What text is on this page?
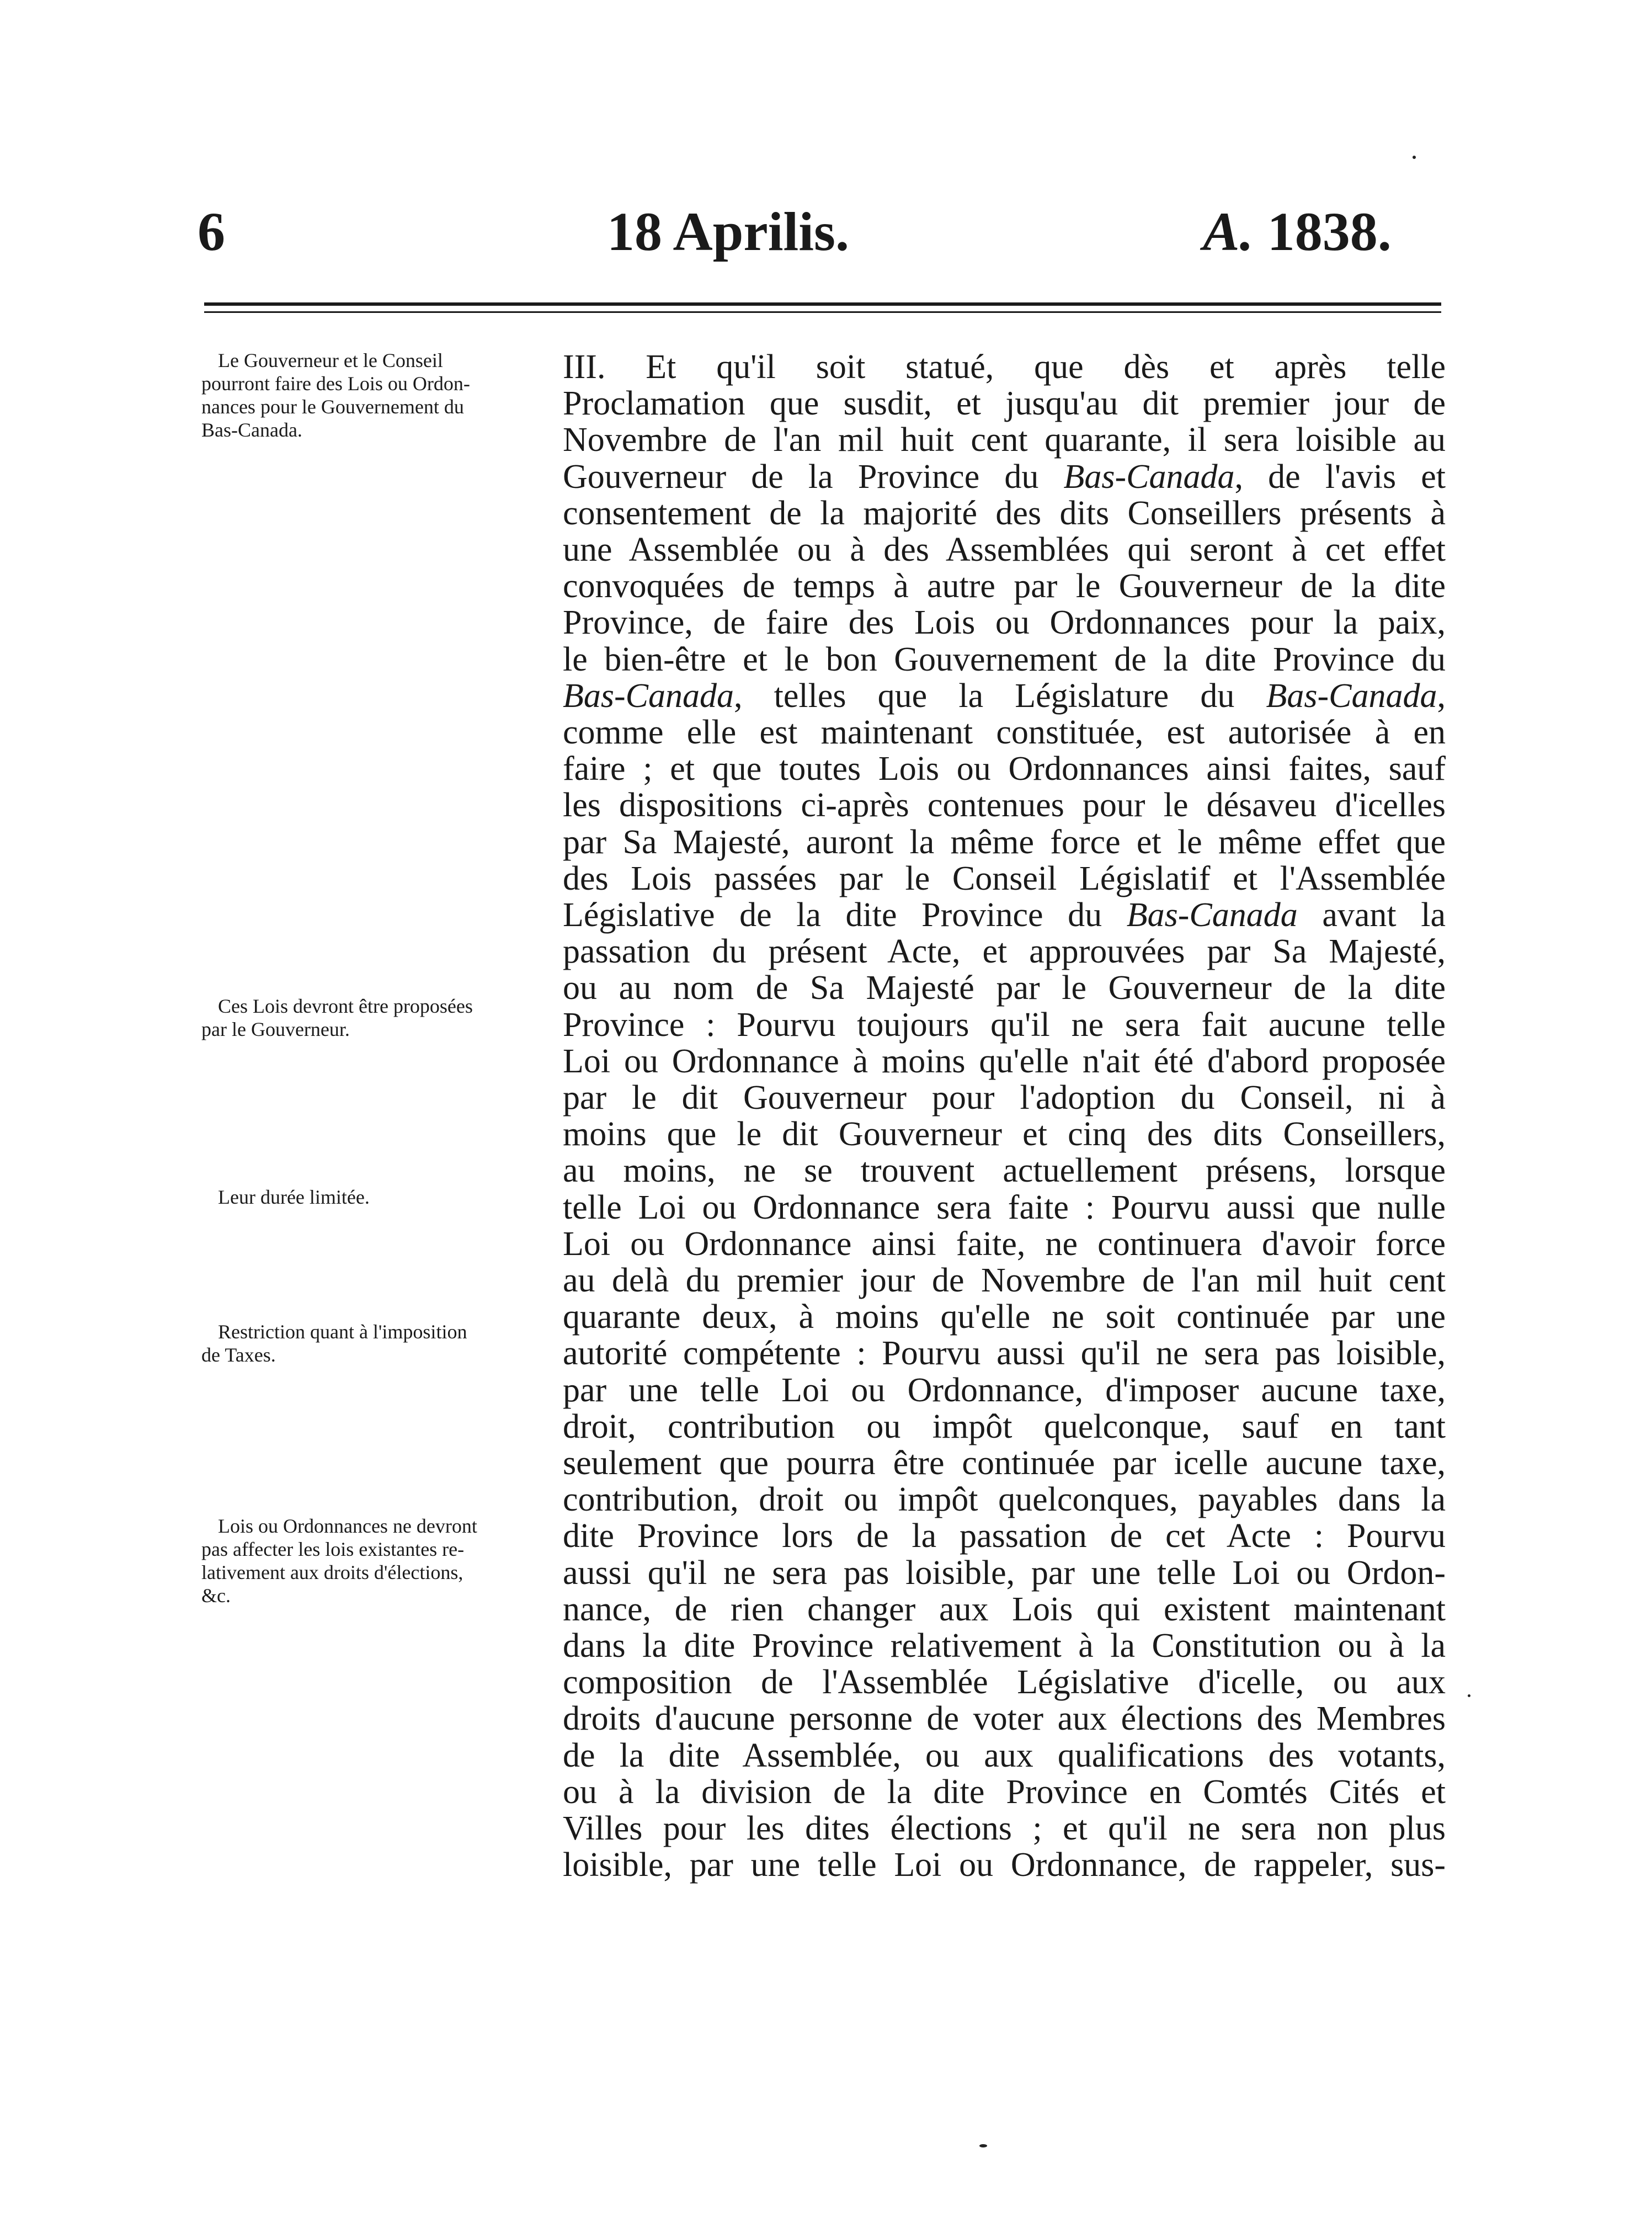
6	18 Aprilis.	A. 1838.
Le Gouverneur et le Conseil
pourront faire des Lois ou Ordon-
nances pour le Gouvernement du
Bas-Canada.
Ces Lois devront être proposées
par le Gouverneur.
Leur durée limitée.
Restriction quant à l'imposition
de Taxes.
Lois ou Ordonnances ne devront
pas affecter les lois existantes re-
lativement aux droits d'élections,
&c.
III. Et qu'il soit statué, que dès et après telle
Proclamation que susdit, et jusqu'au dit premier jour de
Novembre de l'an mil huit cent quarante, il sera loisible au
Gouverneur de la Province du Bas-Canada, de l'avis et
consentement de la majorité des dits Conseillers présents à
une Assemblée ou à des Assemblées qui seront à cet effet
convoquées de temps à autre par le Gouverneur de la dite
Province, de faire des Lois ou Ordonnances pour la paix,
le bien-être et le bon Gouvernement de la dite Province du
Bas-Canada, telles que la Législature du Bas-Canada,
comme elle est maintenant constituée, est autorisée à en
faire ; et que toutes Lois ou Ordonnances ainsi faites, sauf
les dispositions ci-après contenues pour le désaveu d'icelles
par Sa Majesté, auront la même force et le même effet que
des Lois passées par le Conseil Législatif et l'Assemblée
Législative de la dite Province du Bas-Canada avant la
passation du présent Acte, et approuvées par Sa Majesté,
ou au nom de Sa Majesté par le Gouverneur de la dite
Province : Pourvu toujours qu'il ne sera fait aucune telle
Loi ou Ordonnance à moins qu'elle n'ait été d'abord proposée
par le dit Gouverneur pour l'adoption du Conseil, ni à
moins que le dit Gouverneur et cinq des dits Conseillers,
au moins, ne se trouvent actuellement présens, lorsque
telle Loi ou Ordonnance sera faite : Pourvu aussi que nulle
Loi ou Ordonnance ainsi faite, ne continuera d'avoir force
au delà du premier jour de Novembre de l'an mil huit cent
quarante deux, à moins qu'elle ne soit continuée par une
autorité compétente : Pourvu aussi qu'il ne sera pas loisible,
par une telle Loi ou Ordonnance, d'imposer aucune taxe,
droit, contribution ou impôt quelconque, sauf en tant
seulement que pourra être continuée par icelle aucune taxe,
contribution, droit ou impôt quelconques, payables dans la
dite Province lors de la passation de cet Acte : Pourvu
aussi qu'il ne sera pas loisible, par une telle Loi ou Ordon-
nance, de rien changer aux Lois qui existent maintenant
dans la dite Province relativement à la Constitution ou à la
composition de l'Assemblée Législative d'icelle, ou aux
droits d'aucune personne de voter aux élections des Membres
de la dite Assemblée, ou aux qualifications des votants,
ou à la division de la dite Province en Comtés Cités et
Villes pour les dites élections ; et qu'il ne sera non plus
loisible, par une telle Loi ou Ordonnance, de rappeler, sus-
